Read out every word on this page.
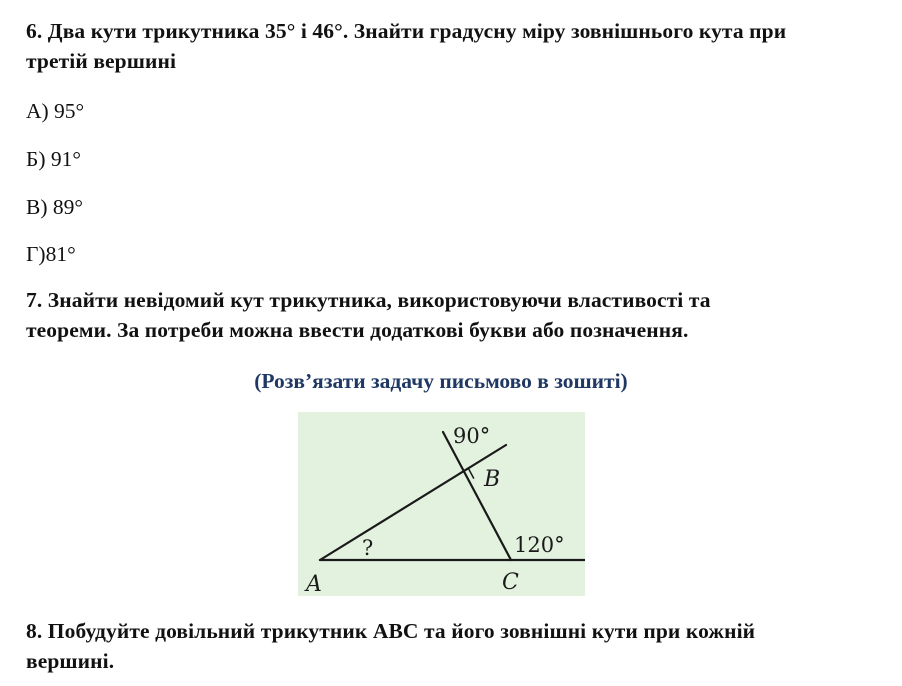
6. Два кути трикутника 35° і 46°. Знайти градусну міру зовнішнього кута при
третій вершині

А) 95°

Б) 91°

В) 89°

Г)81°

7. Знайти невідомий кут трикутника, використовуючи властивості та
теореми. За потреби можна ввести додаткові букви або позначення.

(Розв’язати задачу письмово в зошиті)

90°
B
120°
?
A	C

8. Побудуйте довільний трикутник ABC та його зовнішні кути при кожній
вершині.
